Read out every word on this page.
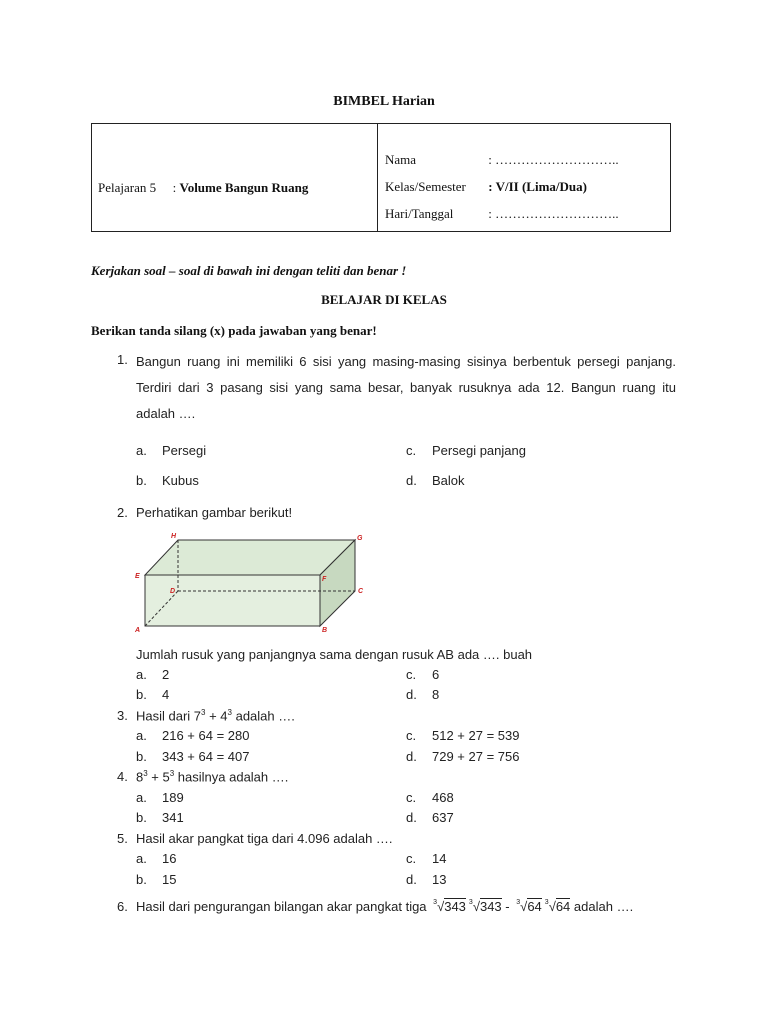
BIMBEL Harian
Pelajaran 5 : Volume Bangun Ruang
Nama	: ………………………..
Kelas/Semester : V/II (Lima/Dua)
Hari/Tanggal	: ………………………..
Kerjakan soal – soal di bawah ini dengan teliti dan benar !
BELAJAR DI KELAS
Berikan tanda silang (x) pada jawaban yang benar!
1. Bangun ruang ini memiliki 6 sisi yang masing-masing sisinya berbentuk persegi panjang. Terdiri dari 3 pasang sisi yang sama besar, banyak rusuknya ada 12. Bangun ruang itu adalah ….
a. Persegi
b. Kubus
c. Persegi panjang
d. Balok
2. Perhatikan gambar berikut!
A	B
C
D
E	F
G
H
Jumlah rusuk yang panjangnya sama dengan rusuk AB ada …. buah
a. 2
b. 4
c. 6
d. 8
3. Hasil dari $7^3 + 4^3$ adalah ….
a. 216 + 64 = 280
b. 343 + 64 = 407
c. 512 + 27 = 539
d. 729 + 27 = 756
4. $8^3 + 5^3$ hasilnya adalah ….
a. 189
b. 341
c. 468
d. 637
5. Hasil akar pangkat tiga dari 4.096 adalah ….
a. 16
b. 15
c. 14
d. 13
6. Hasil dari pengurangan bilangan akar pangkat tiga $^3$√343 $^3$√343 - $^3$√64 $^3$√64 adalah ….
